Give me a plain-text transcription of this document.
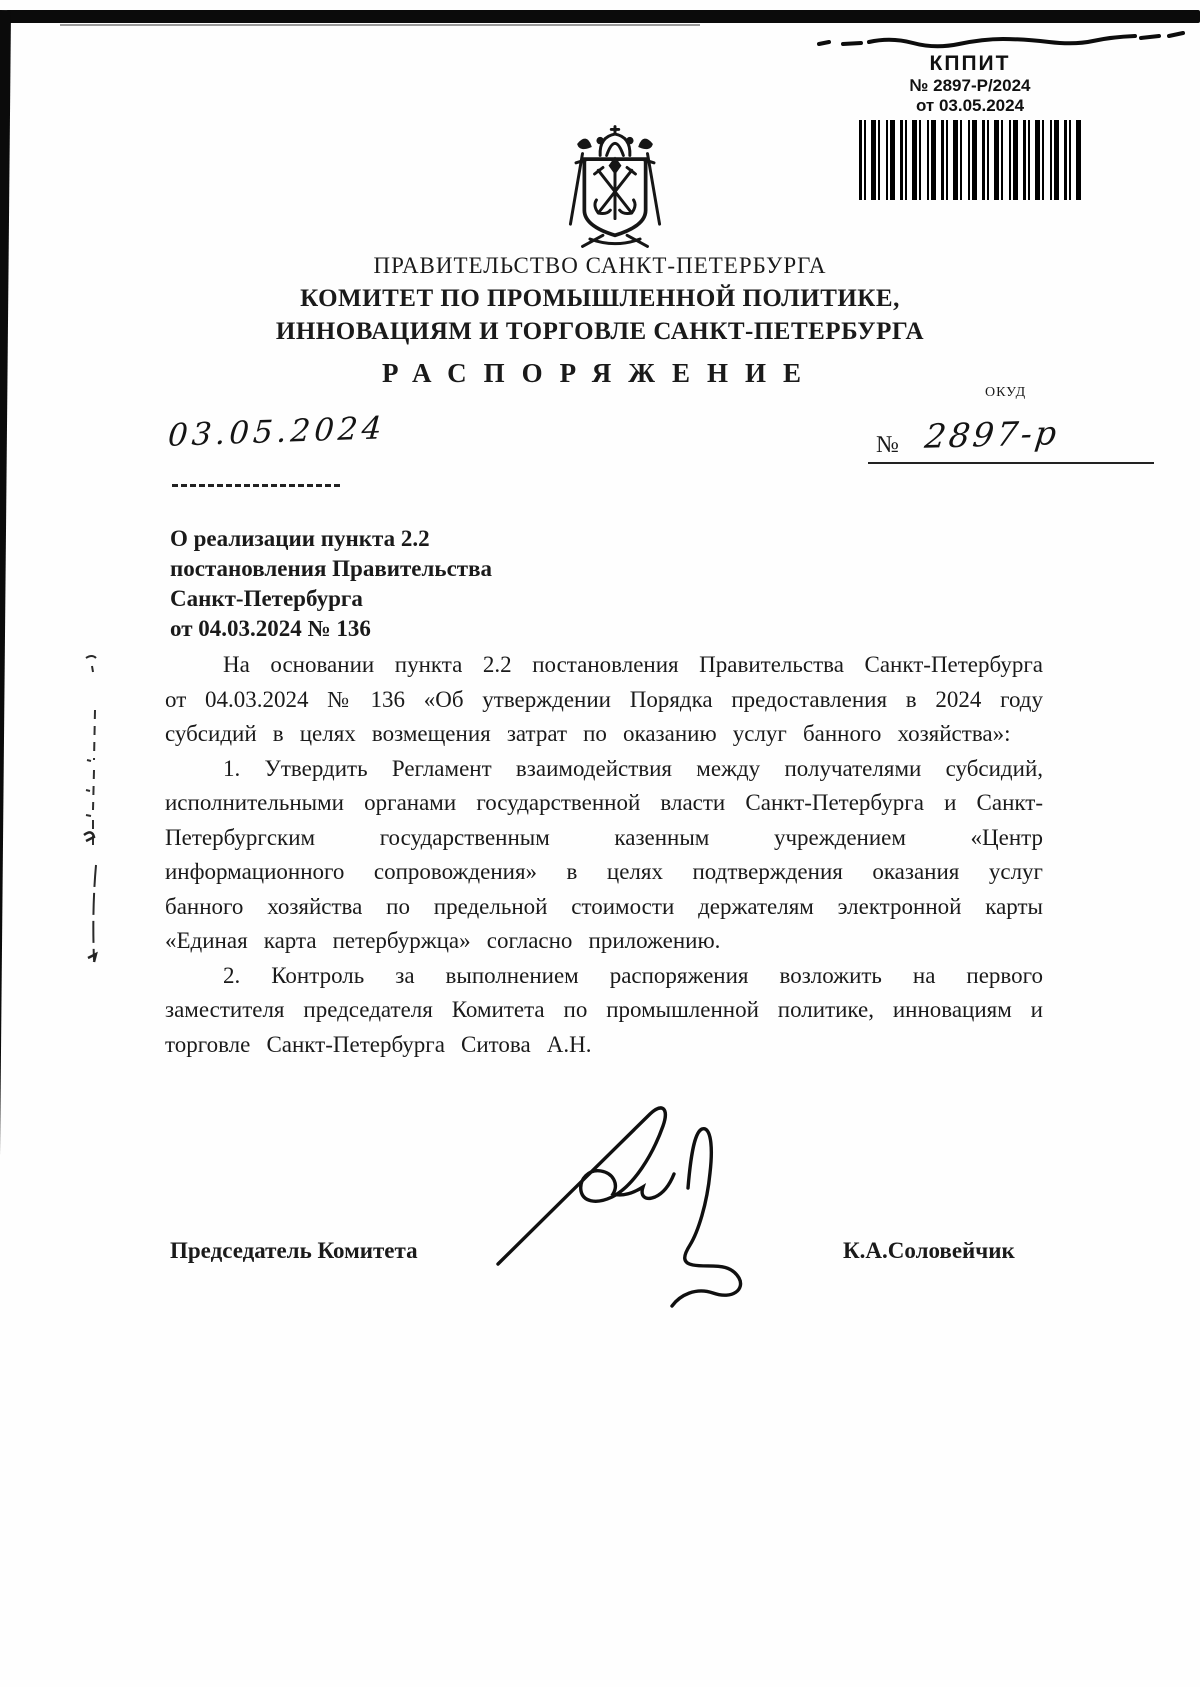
КППИТ
№ 2897-Р/2024
от 03.05.2024
ПРАВИТЕЛЬСТВО САНКТ-ПЕТЕРБУРГА
КОМИТЕТ ПО ПРОМЫШЛЕННОЙ ПОЛИТИКЕ,
ИННОВАЦИЯМ И ТОРГОВЛЕ САНКТ-ПЕТЕРБУРГА
РАСПОРЯЖЕНИЕ
ОКУД
03.05.2024	№ 2897-р
О реализации пункта 2.2
постановления Правительства
Санкт-Петербурга
от 04.03.2024 № 136

На основании пункта 2.2 постановления Правительства Санкт-Петербурга от 04.03.2024 № 136 «Об утверждении Порядка предоставления в 2024 году субсидий в целях возмещения затрат по оказанию услуг банного хозяйства»:

1. Утвердить Регламент взаимодействия между получателями субсидий, исполнительными органами государственной власти Санкт-Петербурга и Санкт-Петербургским государственным казенным учреждением «Центр информационного сопровождения» в целях подтверждения оказания услуг банного хозяйства по предельной стоимости держателям электронной карты «Единая карта петербуржца» согласно приложению.

2. Контроль за выполнением распоряжения возложить на первого заместителя председателя Комитета по промышленной политике, инновациям и торговле Санкт-Петербурга Ситова А.Н.

Председатель Комитета	К.А.Соловейчик
